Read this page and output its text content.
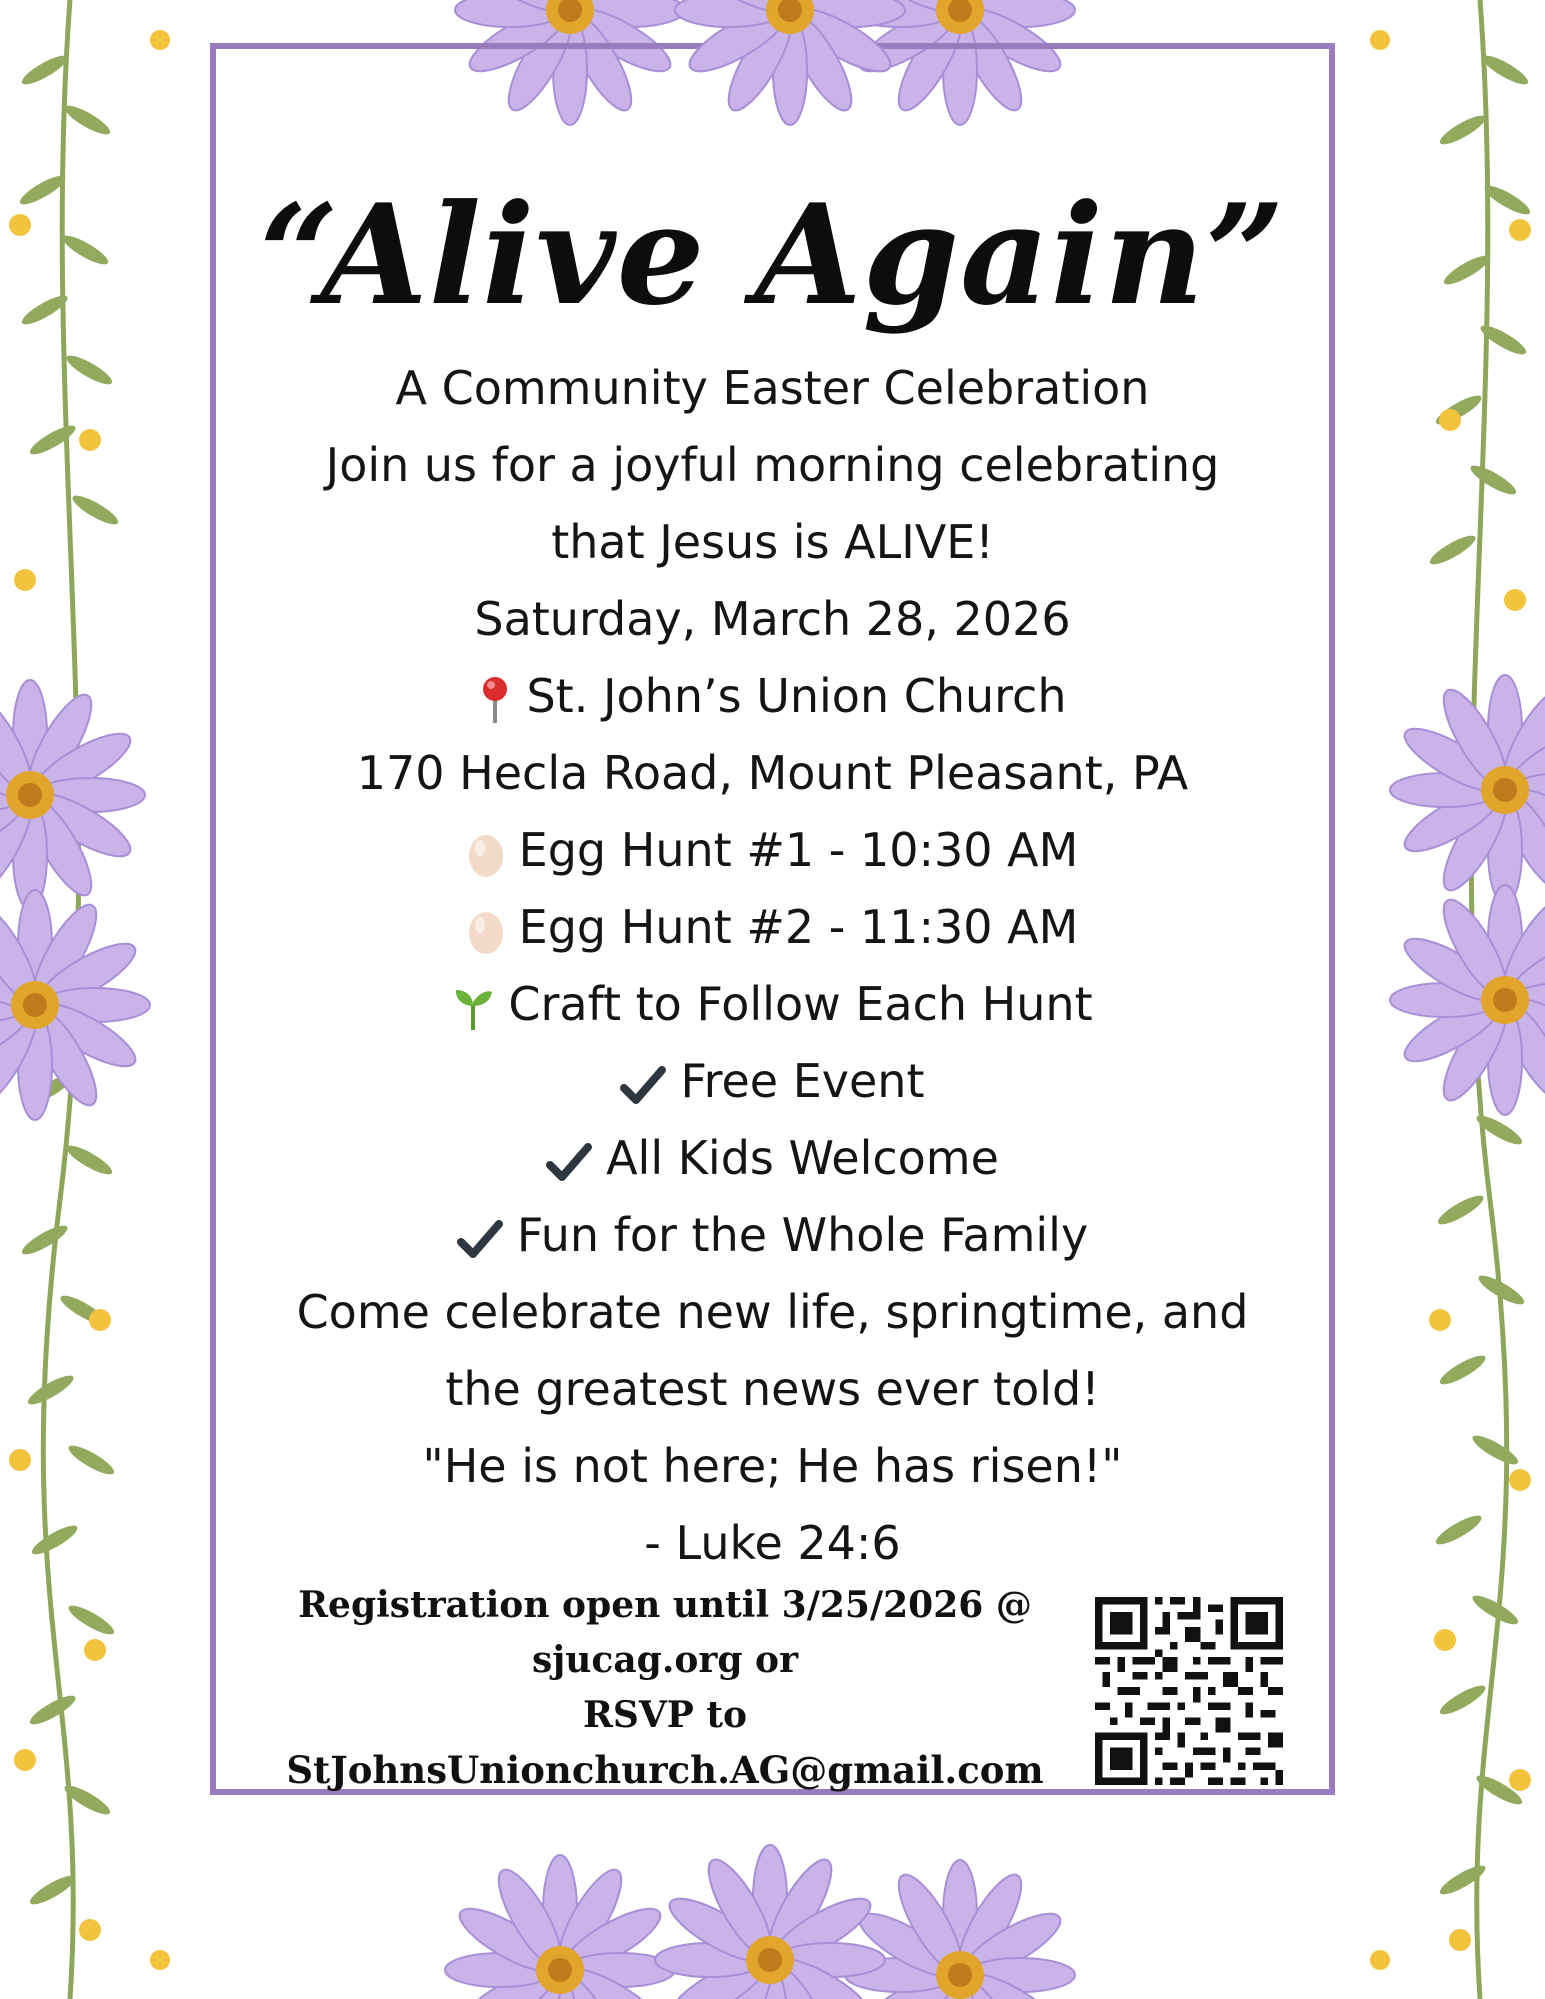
“Alive Again”
A Community Easter Celebration
Join us for a joyful morning celebrating
that Jesus is ALIVE!
Saturday, March 28, 2026
St. John’s Union Church
170 Hecla Road, Mount Pleasant, PA
Egg Hunt #1 - 10:30 AM
Egg Hunt #2 - 11:30 AM
Craft to Follow Each Hunt
Free Event
All Kids Welcome
Fun for the Whole Family
Come celebrate new life, springtime, and
the greatest news ever told!
"He is not here; He has risen!"
- Luke 24:6
Registration open until 3/25/2026 @
sjucag.org or
RSVP to
StJohnsUnionchurch.AG@gmail.com
